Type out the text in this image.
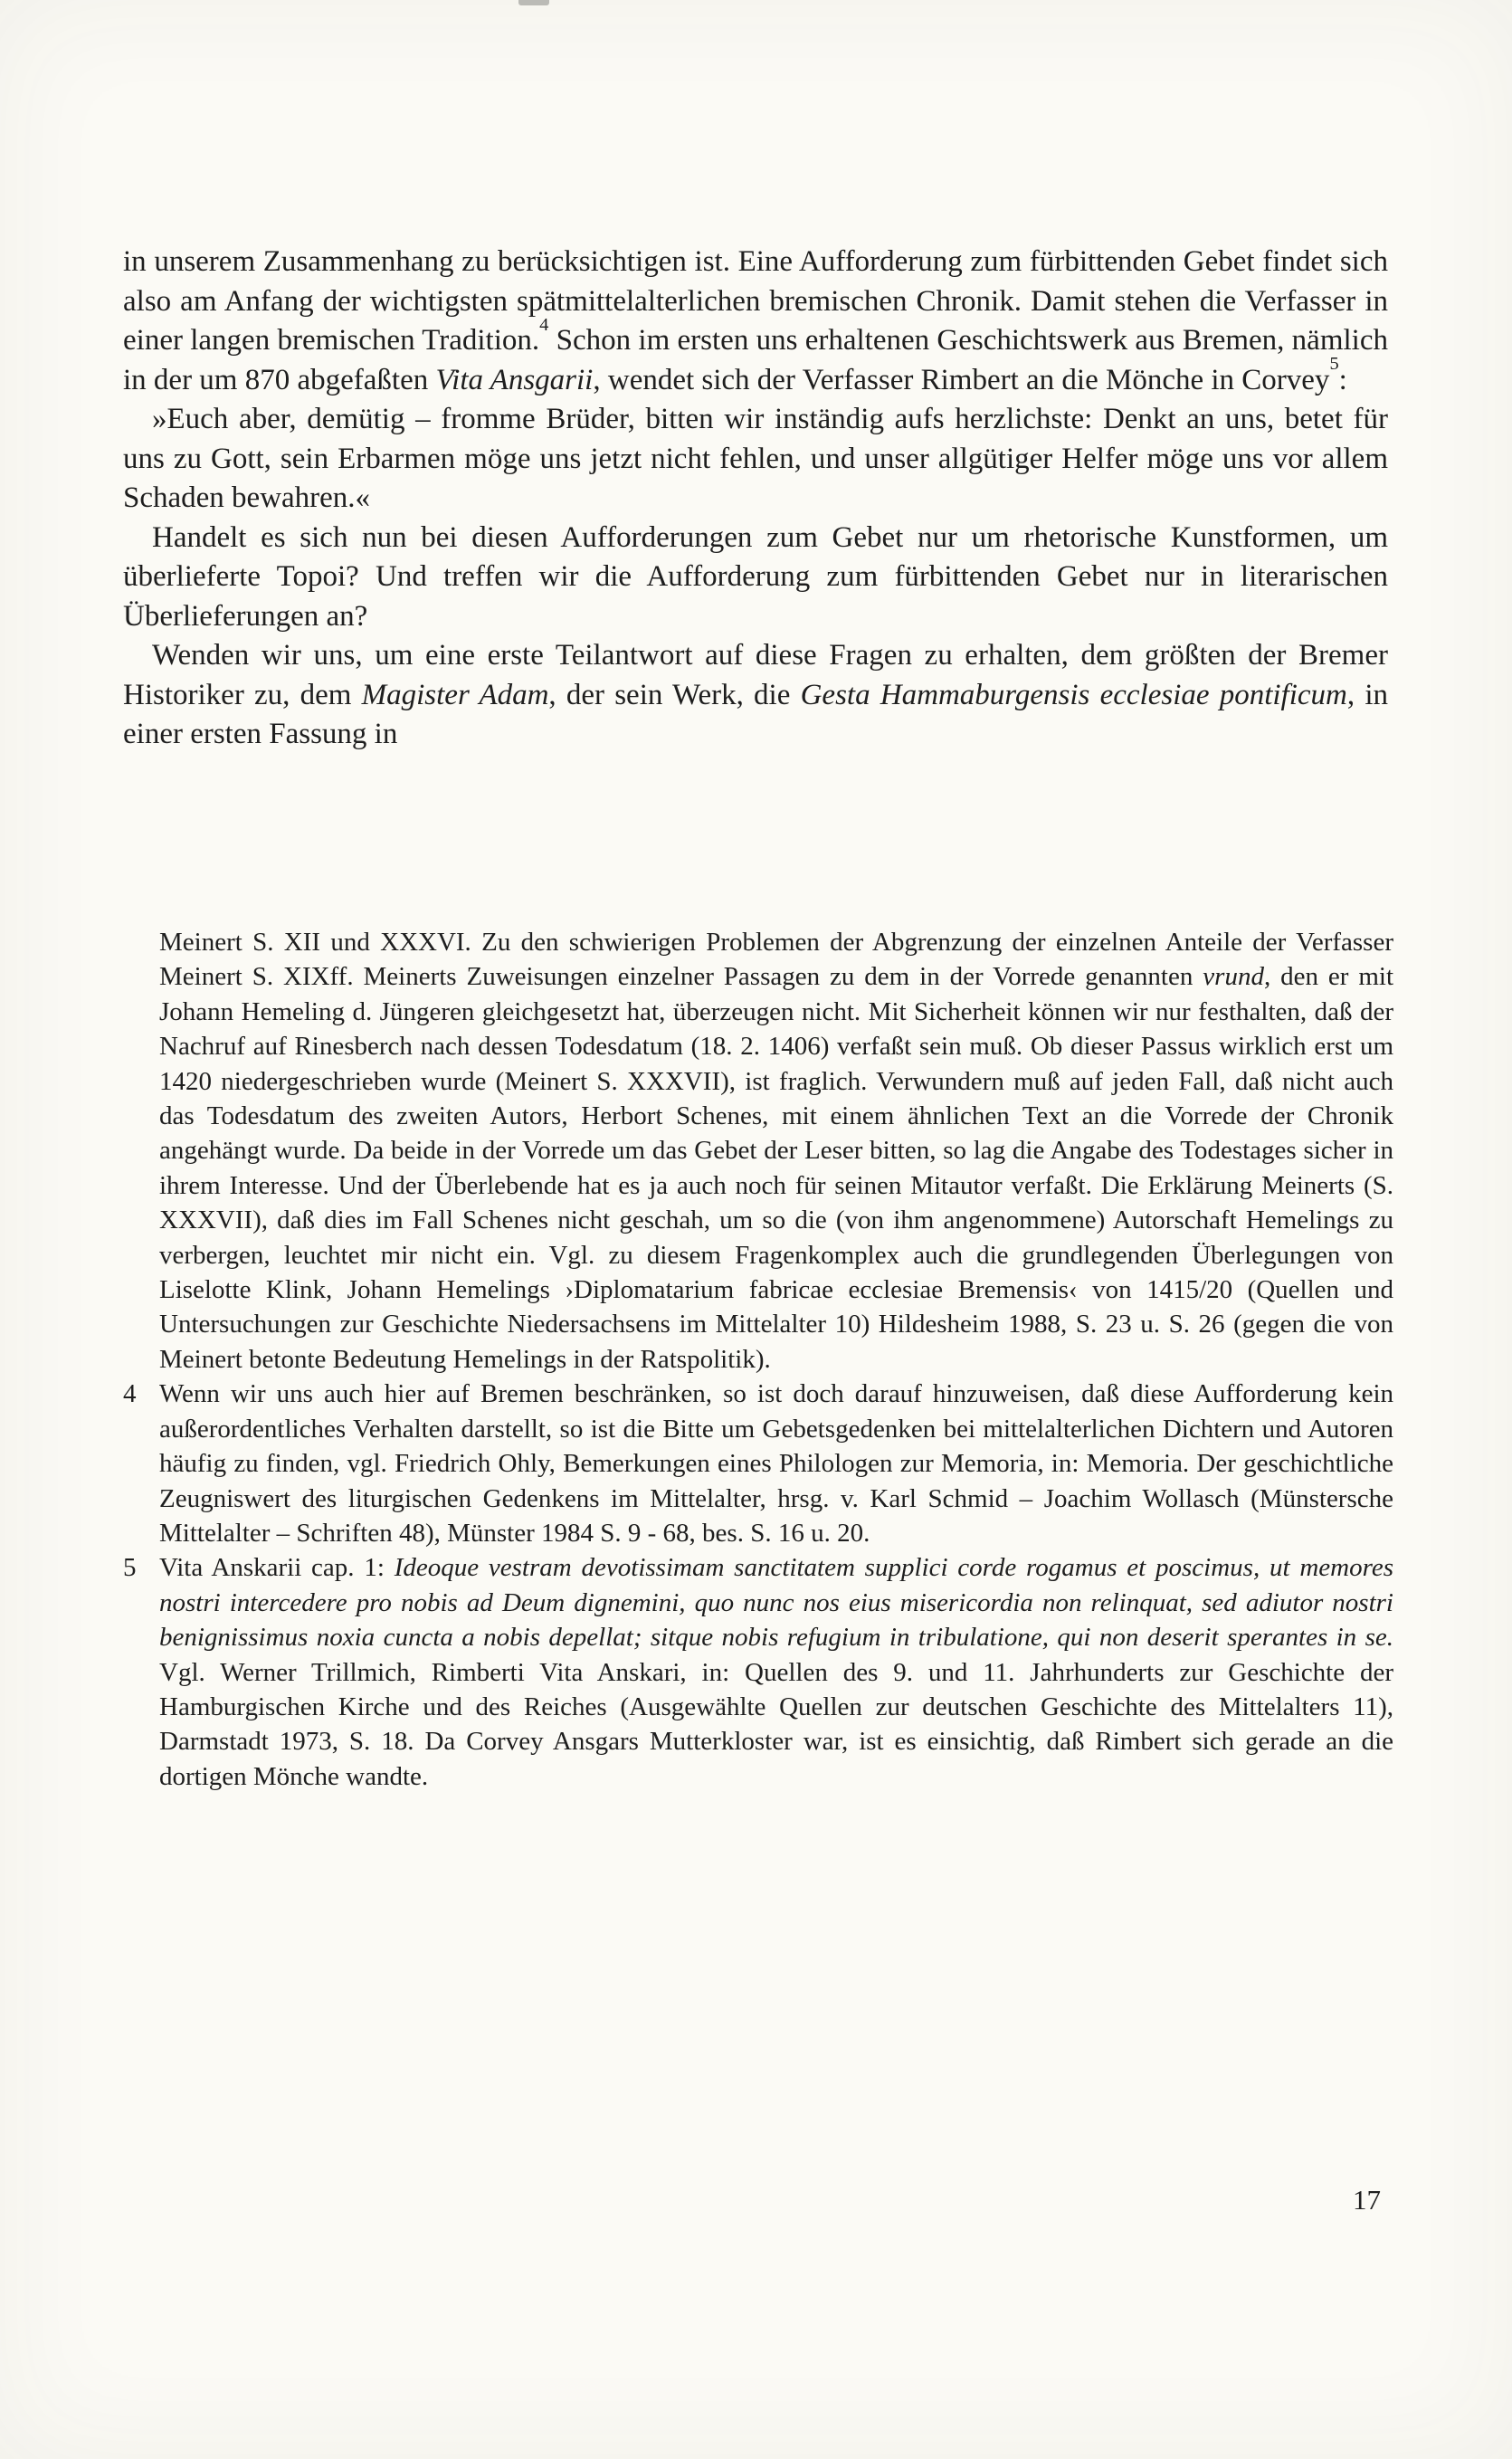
in unserem Zusammenhang zu berücksichtigen ist. Eine Aufforderung zum fürbittenden Gebet findet sich also am Anfang der wichtigsten spätmittelalterlichen bremischen Chronik. Damit stehen die Verfasser in einer langen bremischen Tradition.$^4$ Schon im ersten uns erhaltenen Geschichtswerk aus Bremen, nämlich in der um 870 abgefaßten Vita Ansgarii, wendet sich der Verfasser Rimbert an die Mönche in Corvey$^5$:

»Euch aber, demütig – fromme Brüder, bitten wir inständig aufs herzlichste: Denkt an uns, betet für uns zu Gott, sein Erbarmen möge uns jetzt nicht fehlen, und unser allgütiger Helfer möge uns vor allem Schaden bewahren.«

Handelt es sich nun bei diesen Aufforderungen zum Gebet nur um rhetorische Kunstformen, um überlieferte Topoi? Und treffen wir die Aufforderung zum fürbittenden Gebet nur in literarischen Überlieferungen an?

Wenden wir uns, um eine erste Teilantwort auf diese Fragen zu erhalten, dem größten der Bremer Historiker zu, dem Magister Adam, der sein Werk, die Gesta Hammaburgensis ecclesiae pontificum, in einer ersten Fassung in

Meinert S. XII und XXXVI. Zu den schwierigen Problemen der Abgrenzung der einzelnen Anteile der Verfasser Meinert S. XIXff. Meinerts Zuweisungen einzelner Passagen zu dem in der Vorrede genannten vrund, den er mit Johann Hemeling d. Jüngeren gleichgesetzt hat, überzeugen nicht. Mit Sicherheit können wir nur festhalten, daß der Nachruf auf Rinesberch nach dessen Todesdatum (18. 2. 1406) verfaßt sein muß. Ob dieser Passus wirklich erst um 1420 niedergeschrieben wurde (Meinert S. XXXVII), ist fraglich. Verwundern muß auf jeden Fall, daß nicht auch das Todesdatum des zweiten Autors, Herbort Schenes, mit einem ähnlichen Text an die Vorrede der Chronik angehängt wurde. Da beide in der Vorrede um das Gebet der Leser bitten, so lag die Angabe des Todestages sicher in ihrem Interesse. Und der Überlebende hat es ja auch noch für seinen Mitautor verfaßt. Die Erklärung Meinerts (S. XXXVII), daß dies im Fall Schenes nicht geschah, um so die (von ihm angenommene) Autorschaft Hemelings zu verbergen, leuchtet mir nicht ein. Vgl. zu diesem Fragenkomplex auch die grundlegenden Überlegungen von Liselotte Klink, Johann Hemelings ›Diplomatarium fabricae ecclesiae Bremensis‹ von 1415/20 (Quellen und Untersuchungen zur Geschichte Niedersachsens im Mittelalter 10) Hildesheim 1988, S. 23 u. S. 26 (gegen die von Meinert betonte Bedeutung Hemelings in der Ratspolitik).
4 Wenn wir uns auch hier auf Bremen beschränken, so ist doch darauf hinzuweisen, daß diese Aufforderung kein außerordentliches Verhalten darstellt, so ist die Bitte um Gebetsgedenken bei mittelalterlichen Dichtern und Autoren häufig zu finden, vgl. Friedrich Ohly, Bemerkungen eines Philologen zur Memoria, in: Memoria. Der geschichtliche Zeugniswert des liturgischen Gedenkens im Mittelalter, hrsg. v. Karl Schmid – Joachim Wollasch (Münstersche Mittelalter – Schriften 48), Münster 1984 S. 9 - 68, bes. S. 16 u. 20.
5 Vita Anskarii cap. 1: Ideoque vestram devotissimam sanctitatem supplici corde rogamus et poscimus, ut memores nostri intercedere pro nobis ad Deum dignemini, quo nunc nos eius misericordia non relinquat, sed adiutor nostri benignissimus noxia cuncta a nobis depellat; sitque nobis refugium in tribulatione, qui non deserit sperantes in se. Vgl. Werner Trillmich, Rimberti Vita Anskari, in: Quellen des 9. und 11. Jahrhunderts zur Geschichte der Hamburgischen Kirche und des Reiches (Ausgewählte Quellen zur deutschen Geschichte des Mittelalters 11), Darmstadt 1973, S. 18. Da Corvey Ansgars Mutterkloster war, ist es einsichtig, daß Rimbert sich gerade an die dortigen Mönche wandte.
17
